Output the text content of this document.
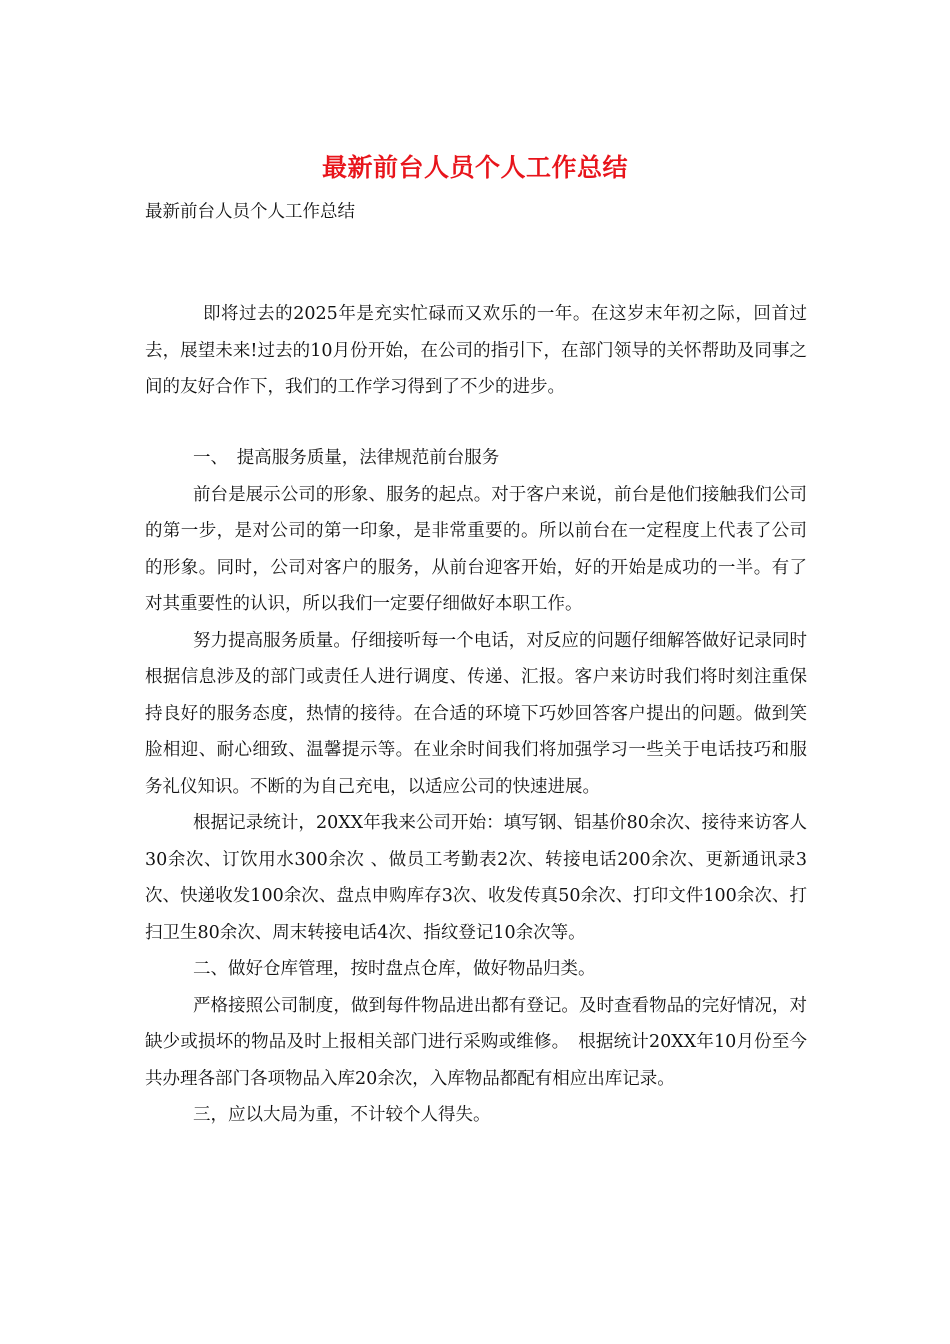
最新前台人员个人工作总结
最新前台人员个人工作总结

即将过去的2025年是充实忙碌而又欢乐的一年。在这岁末年初之际，回首过去，展望未来!过去的10月份开始，在公司的指引下，在部门领导的关怀帮助及同事之间的友好合作下，我们的工作学习得到了不少的进步。

一、　提高服务质量，法律规范前台服务

前台是展示公司的形象、服务的起点。对于客户来说，前台是他们接触我们公司的第一步，是对公司的第一印象，是非常重要的。所以前台在一定程度上代表了公司的形象。同时，公司对客户的服务，从前台迎客开始，好的开始是成功的一半。有了对其重要性的认识，所以我们一定要仔细做好本职工作。

努力提高服务质量。仔细接听每一个电话，对反应的问题仔细解答做好记录同时根据信息涉及的部门或责任人进行调度、传递、汇报。客户来访时我们将时刻注重保持良好的服务态度，热情的接待。在合适的环境下巧妙回答客户提出的问题。做到笑脸相迎、耐心细致、温馨提示等。在业余时间我们将加强学习一些关于电话技巧和服务礼仪知识。不断的为自己充电，以适应公司的快速进展。

根据记录统计，20XX年我来公司开始：填写钢、铝基价80余次、接待来访客人30余次、订饮用水300余次 、做员工考勤表2次、转接电话200余次、更新通讯录3次、快递收发100余次、盘点申购库存3次、收发传真50余次、打印文件100余次、打扫卫生80余次、周末转接电话4次、指纹登记10余次等。

二、做好仓库管理，按时盘点仓库，做好物品归类。

严格接照公司制度，做到每件物品进出都有登记。及时查看物品的完好情况，对缺少或损坏的物品及时上报相关部门进行采购或维修。　根据统计20XX年10月份至今共办理各部门各项物品入库20余次，入库物品都配有相应出库记录。

三，应以大局为重，不计较个人得失。
